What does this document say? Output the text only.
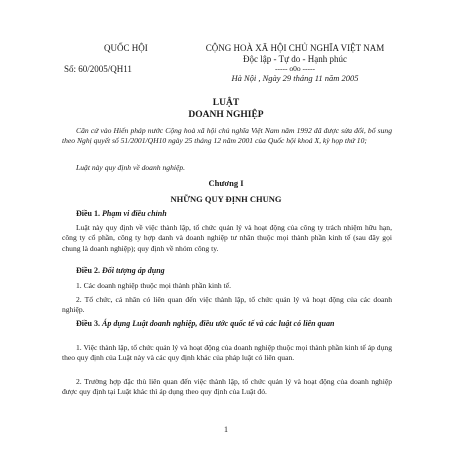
QUỐC HỘI
Số: 60/2005/QH11
CỘNG HOÀ XÃ HỘI CHỦ NGHĨA VIỆT NAM
Độc lập - Tự do - Hạnh phúc
----- o0o -----
Hà Nội , Ngày 29 tháng 11 năm 2005
LUẬT
DOANH NGHIỆP
Căn cứ vào Hiến pháp nước Cộng hoà xã hội chủ nghĩa Việt Nam năm 1992 đã được sửa đổi, bổ sung theo Nghị quyết số 51/2001/QH10 ngày 25 tháng 12 năm 2001 của Quốc hội khoá X, kỳ họp thứ 10;
Luật này quy định về doanh nghiệp.
Chương I
NHỮNG QUY ĐỊNH CHUNG
Điều 1. Phạm vi điều chỉnh
Luật này quy định về việc thành lập, tổ chức quản lý và hoạt động của công ty trách nhiệm hữu hạn, công ty cổ phần, công ty hợp danh và doanh nghiệp tư nhân thuộc mọi thành phần kinh tế (sau đây gọi chung là doanh nghiệp); quy định về nhóm công ty.
Điều 2. Đối tượng áp dụng
1. Các doanh nghiệp thuộc mọi thành phần kinh tế.
2. Tổ chức, cá nhân có liên quan đến việc thành lập, tổ chức quản lý và hoạt động của các doanh nghiệp.
Điều 3. Áp dụng Luật doanh nghiệp, điều ước quốc tế và các luật có liên quan
1. Việc thành lập, tổ chức quản lý và hoạt động của doanh nghiệp thuộc mọi thành phần kinh tế áp dụng theo quy định của Luật này và các quy định khác của pháp luật có liên quan.
2. Trường hợp đặc thù liên quan đến việc thành lập, tổ chức quản lý và hoạt động của doanh nghiệp được quy định tại Luật khác thì áp dụng theo quy định của Luật đó.
1
